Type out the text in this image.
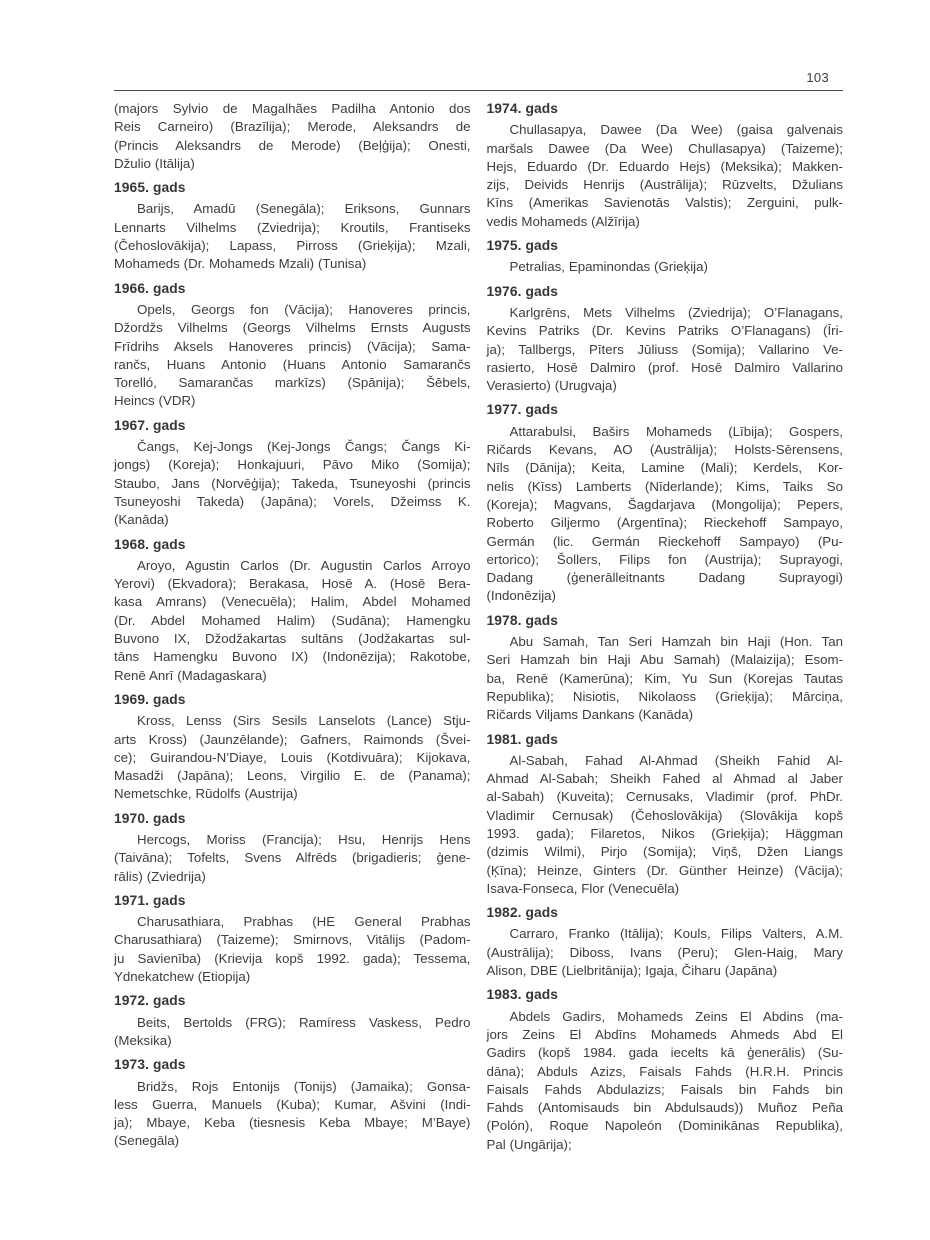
103
(majors Sylvio de Magalhães Padilha Antonio dos
Reis Carneiro) (Brazīlija); Merode, Aleksandrs de
(Princis Aleksandrs de Merode) (Beļģija); Onesti,
Džulio (Itālija)
1965. gads
Barijs, Amadū (Senegāla); Eriksons, Gunnars
Lennarts Vilhelms (Zviedrija); Kroutils, Frantiseks
(Čehoslovākija); Lapass, Pirross (Grieķija); Mzali,
Mohameds (Dr. Mohameds Mzali) (Tunisa)
1966. gads
Opels, Georgs fon (Vācija); Hanoveres princis,
Džordžs Vilhelms (Georgs Vilhelms Ernsts Augusts
Frīdrihs Aksels Hanoveres princis) (Vācija); Sama-
rančs, Huans Antonio (Huans Antonio Samarančs
Torelló, Samarančas markīzs) (Spānija); Šēbels,
Heincs (VDR)
1967. gads
Čangs, Kej-Jongs (Kej-Jongs Čangs; Čangs Ki-
jongs) (Koreja); Honkajuuri, Pāvo Miko (Somija);
Staubo, Jans (Norvēģija); Takeda, Tsuneyoshi (princis
Tsuneyoshi Takeda) (Japāna); Vorels, Džeimss K.
(Kanāda)
1968. gads
Aroyo, Agustin Carlos (Dr. Augustin Carlos Arroyo
Yerovi) (Ekvadora); Berakasa, Hosē A. (Hosē Bera-
kasa Amrans) (Venecuēla); Halim, Abdel Mohamed
(Dr. Abdel Mohamed Halim) (Sudāna); Hamengku
Buvono IX, Džodžakartas sultāns (Jodžakartas sul-
tāns Hamengku Buvono IX) (Indonēzija); Rakotobe,
Renē Anrī (Madagaskara)
1969. gads
Kross, Lenss (Sirs Sesils Lanselots (Lance) Stju-
arts Kross) (Jaunzēlande); Gafners, Raimonds (Švei-
ce); Guirandou-N’Diaye, Louis (Kotdivuāra); Kijokava,
Masadži (Japāna); Leons, Virgilio E. de (Panama);
Nemetschke, Rūdolfs (Austrija)
1970. gads
Hercogs, Moriss (Francija); Hsu, Henrijs Hens
(Taivāna); Tofelts, Svens Alfrēds (brigadieris; ģene-
rālis) (Zviedrija)
1971. gads
Charusathiara, Prabhas (HE General Prabhas
Charusathiara) (Taizeme); Smirnovs, Vitālijs (Padom-
ju Savienība) (Krievija kopš 1992. gada); Tessema,
Ydnekatchew (Etiopija)
1972. gads
Beits, Bertolds (FRG); Ramíress Vaskess, Pedro
(Meksika)
1973. gads
Bridžs, Rojs Entonijs (Tonijs) (Jamaika); Gonsa-
less Guerra, Manuels (Kuba); Kumar, Ašvini (Indi-
ja); Mbaye, Keba (tiesnesis Keba Mbaye; M’Baye)
(Senegāla)
1974. gads
Chullasapya, Dawee (Da Wee) (gaisa galvenais
maršals Dawee (Da Wee) Chullasapya) (Taizeme);
Hejs, Eduardo (Dr. Eduardo Hejs) (Meksika); Makken-
zijs, Deivids Henrijs (Austrālija); Rūzvelts, Džulians
Kīns (Amerikas Savienotās Valstis); Zerguini, pulk-
vedis Mohameds (Alžīrija)
1975. gads
Petralias, Epaminondas (Grieķija)
1976. gads
Karlgrēns, Mets Vilhelms (Zviedrija); O’Flanagans,
Kevins Patriks (Dr. Kevins Patriks O’Flanagans) (Īri-
ja); Tallbergs, Pīters Jūliuss (Somija); Vallarino Ve-
rasierto, Hosē Dalmiro (prof. Hosē Dalmiro Vallarino
Verasierto) (Urugvaja)
1977. gads
Attarabulsi, Baširs Mohameds (Lībija); Gospers,
Ričards Kevans, AO (Austrālija); Holsts-Sērensens,
Nīls (Dānija); Keita, Lamine (Mali); Kerdels, Kor-
nelis (Kīss) Lamberts (Nīderlande); Kims, Taiks So
(Koreja); Magvans, Šagdarjava (Mongolija); Pepers,
Roberto Giljermo (Argentīna); Rieckehoff Sampayo,
Germán (lic. Germán Rieckehoff Sampayo) (Pu-
ertorico); Šollers, Filips fon (Austrija); Suprayogi,
Dadang (ģenerālleitnants Dadang Suprayogi)
(Indonēzija)
1978. gads
Abu Samah, Tan Seri Hamzah bin Haji (Hon. Tan
Seri Hamzah bin Haji Abu Samah) (Malaizija); Esom-
ba, Renē (Kamerūna); Kim, Yu Sun (Korejas Tautas
Republika); Nisiotis, Nikolaoss (Grieķija); Mārciņa,
Ričards Viljams Dankans (Kanāda)
1981. gads
Al-Sabah, Fahad Al-Ahmad (Sheikh Fahid Al-
Ahmad Al-Sabah; Sheikh Fahed al Ahmad al Jaber
al-Sabah) (Kuveita); Cernusaks, Vladimir (prof. PhDr.
Vladimir Cernusak) (Čehoslovākija) (Slovākija kopš
1993. gada); Filaretos, Nikos (Grieķija); Häggman
(dzimis Wilmi), Pirjo (Somija); Viņš, Džen Liangs
(Ķīna); Heinze, Ginters (Dr. Günther Heinze) (Vācija);
Isava-Fonseca, Flor (Venecuēla)
1982. gads
Carraro, Franko (Itālija); Kouls, Filips Valters, A.M.
(Austrālija); Diboss, Ivans (Peru); Glen-Haig, Mary
Alison, DBE (Lielbritānija); Igaja, Čiharu (Japāna)
1983. gads
Abdels Gadirs, Mohameds Zeins El Abdins (ma-
jors Zeins El Abdīns Mohameds Ahmeds Abd El
Gadirs (kopš 1984. gada iecelts kā ģenerālis) (Su-
dāna); Abduls Azizs, Faisals Fahds (H.R.H. Princis
Faisals Fahds Abdulazizs; Faisals bin Fahds bin
Fahds (Antomisauds bin Abdulsauds)) Muñoz Peña
(Polón), Roque Napoleón (Dominikānas Republika),
Pal (Ungārija);
